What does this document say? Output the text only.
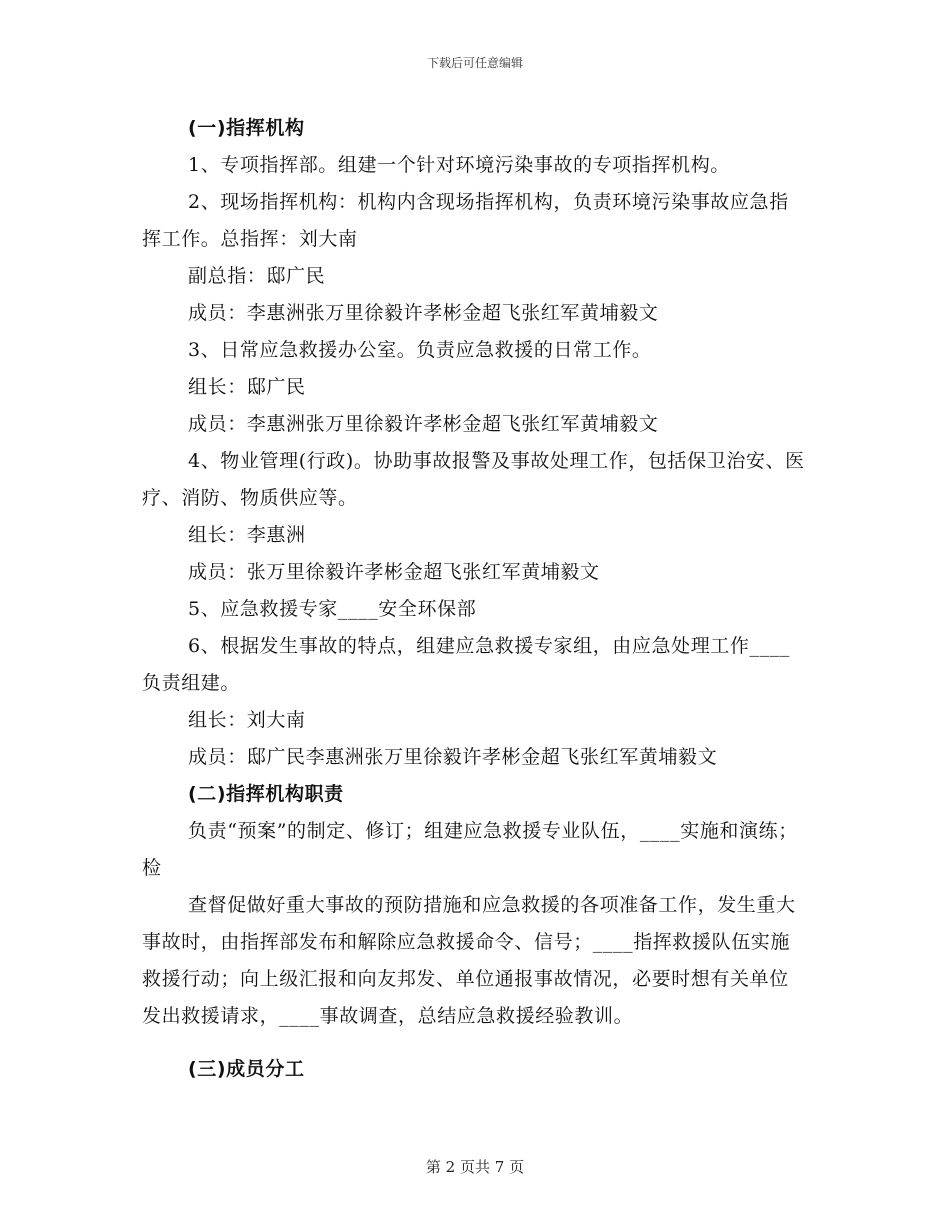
下载后可任意编辑

(一)指挥机构

1、专项指挥部。组建一个针对环境污染事故的专项指挥机构。

2、现场指挥机构：机构内含现场指挥机构，负责环境污染事故应急指挥工作。总指挥：刘大南

副总指：邸广民

成员：李惠洲张万里徐毅许孝彬金超飞张红军黄埔毅文

3、日常应急救援办公室。负责应急救援的日常工作。

组长：邸广民

成员：李惠洲张万里徐毅许孝彬金超飞张红军黄埔毅文

4、物业管理(行政)。协助事故报警及事故处理工作，包括保卫治安、医疗、消防、物质供应等。

组长：李惠洲

成员：张万里徐毅许孝彬金超飞张红军黄埔毅文

5、应急救援专家____安全环保部

6、根据发生事故的特点，组建应急救援专家组，由应急处理工作____负责组建。

组长：刘大南

成员：邸广民李惠洲张万里徐毅许孝彬金超飞张红军黄埔毅文

(二)指挥机构职责

负责“预案”的制定、修订；组建应急救援专业队伍，____实施和演练；检

查督促做好重大事故的预防措施和应急救援的各项准备工作，发生重大事故时，由指挥部发布和解除应急救援命令、信号；____指挥救援队伍实施救援行动；向上级汇报和向友邦发、单位通报事故情况，必要时想有关单位发出救援请求，____事故调查，总结应急救援经验教训。

(三)成员分工

第 2 页共 7 页
